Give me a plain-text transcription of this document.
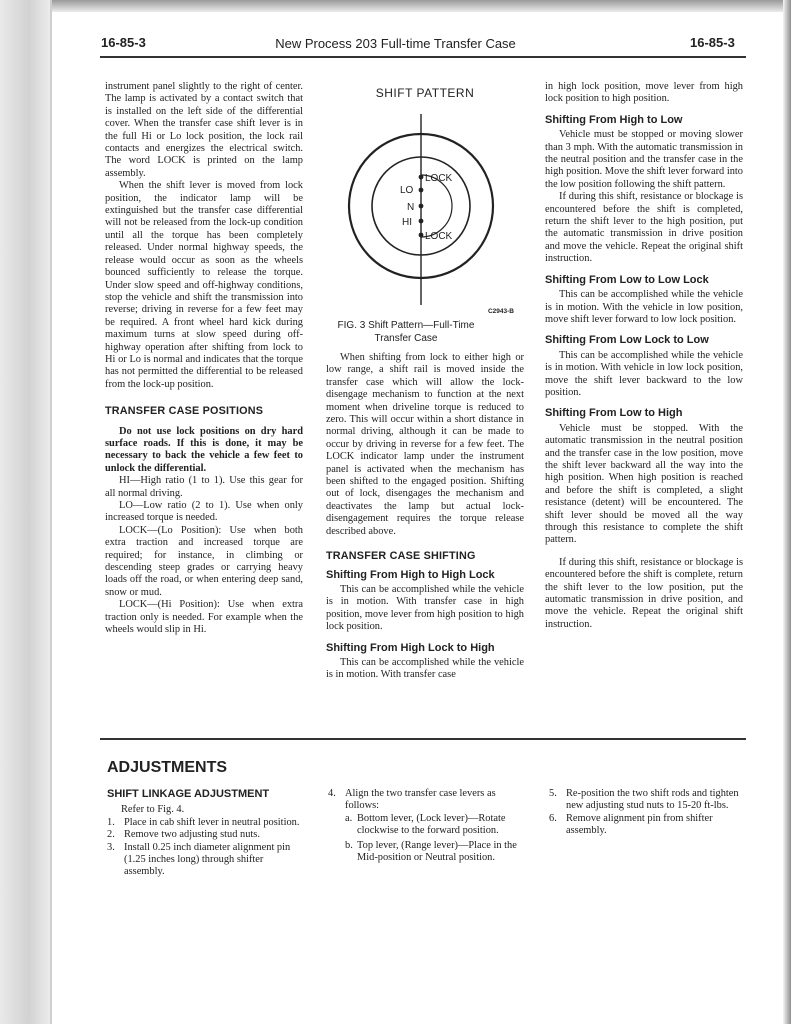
16-85-3	New Process 203 Full-time Transfer Case	16-85-3

instrument panel slightly to the right of center. The lamp is activated by a contact switch that is installed on the left side of the differential cover. When the transfer case shift lever is in the full Hi or Lo lock position, the lock rail contacts and energizes the electrical switch. The word LOCK is printed on the lamp assembly.

When the shift lever is moved from lock position, the indicator lamp will be extinguished but the transfer case differential will not be released from the lock-up condition until all the torque has been completely released. Under normal highway speeds, the release would occur as soon as the wheels bounced sufficiently to release the torque. Under slow speed and off-highway conditions, stop the vehicle and shift the transmission into reverse; driving in reverse for a few feet may be required. A front wheel hard kick during maximum turns at slow speed during off-highway operation after shifting from lock to Hi or Lo is normal and indicates that the torque has not permitted the differential to be released from the lock-up position.

TRANSFER CASE POSITIONS

Do not use lock positions on dry hard surface roads. If this is done, it may be necessary to back the vehicle a few feet to unlock the differential.

HI—High ratio (1 to 1). Use this gear for all normal driving.

LO—Low ratio (2 to 1). Use when only increased torque is needed.

LOCK—(Lo Position): Use when both extra traction and increased torque are required; for instance, in climbing or descending steep grades or carrying heavy loads off the road, or when entering deep sand, snow or mud.

LOCK—(Hi Position): Use when extra traction only is needed. For example when the wheels would slip in Hi.

SHIFT PATTERN
LOCK
LO
N
HI
LOCK
C2943-B
FIG. 3 Shift Pattern—Full-Time
Transfer Case

When shifting from lock to either high or low range, a shift rail is moved inside the transfer case which will allow the lock-disengage mechanism to function at the next moment when driveline torque is reduced to zero. This will occur within a short distance in normal driving, although it can be made to occur by driving in reverse for a few feet. The LOCK indicator lamp under the instrument panel is activated when the mechanism has been shifted to the engaged position. Shifting out of lock, disengages the mechanism and deactivates the lamp but actual lock-disengagement requires the torque release described above.

TRANSFER CASE SHIFTING
Shifting From High to High Lock

This can be accomplished while the vehicle is in motion. With transfer case in high position, move lever from high position to high lock position.

Shifting From High Lock to High

This can be accomplished while the vehicle is in motion. With transfer case

in high lock position, move lever from high lock position to high position.

Shifting From High to Low

Vehicle must be stopped or moving slower than 3 mph. With the automatic transmission in the neutral position and the transfer case in the high position. Move the shift lever forward into the low position following the shift pattern.

If during this shift, resistance or blockage is encountered before the shift is completed, return the shift lever to the high position, put the automatic transmission in drive position and move the vehicle. Repeat the original shift instruction.

Shifting From Low to Low Lock

This can be accomplished while the vehicle is in motion. With the vehicle in low position, move shift lever forward to low lock position.

Shifting From Low Lock to Low

This can be accomplished while the vehicle is in motion. With vehicle in low lock position, move the shift lever backward to the low position.

Shifting From Low to High

Vehicle must be stopped. With the automatic transmission in the neutral position and the transfer case in the low position, move the shift lever backward all the way into the high position. When high position is reached and before the shift is completed, a slight resistance (detent) will be encountered. The shift lever should be moved all the way through this resistance to complete the shift pattern.

If during this shift, resistance or blockage is encountered before the shift is complete, return the shift lever to the low position, put the automatic transmission in drive position, and move the vehicle. Repeat the original shift instruction.

ADJUSTMENTS
SHIFT LINKAGE ADJUSTMENT

Refer to Fig. 4.

1. Place in cab shift lever in neutral position.
2. Remove two adjusting stud nuts.
3. Install 0.25 inch diameter alignment pin (1.25 inches long) through shifter assembly.
4. Align the two transfer case levers as follows:
a. Bottom lever, (Lock lever)—Rotate clockwise to the forward position.
b. Top lever, (Range lever)—Place in the Mid-position or Neutral position.
5. Re-position the two shift rods and tighten new adjusting stud nuts to 15-20 ft-lbs.
6. Remove alignment pin from shifter assembly.
